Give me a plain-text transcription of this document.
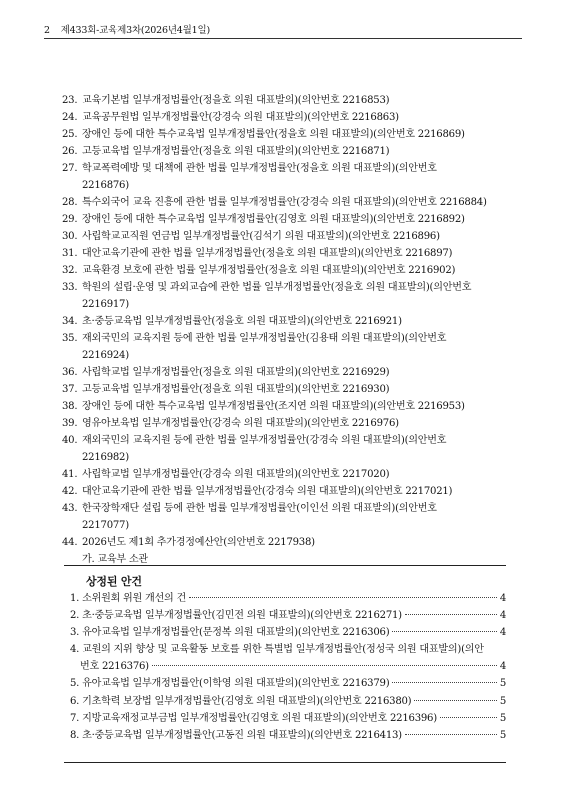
2 제433회-교육제3차(2026년4월1일)
23. 교육기본법 일부개정법률안(정을호 의원 대표발의)(의안번호 2216853)
24. 교육공무원법 일부개정법률안(강경숙 의원 대표발의)(의안번호 2216863)
25. 장애인 등에 대한 특수교육법 일부개정법률안(정을호 의원 대표발의)(의안번호 2216869)
26. 고등교육법 일부개정법률안(정을호 의원 대표발의)(의안번호 2216871)
27. 학교폭력예방 및 대책에 관한 법률 일부개정법률안(정을호 의원 대표발의)(의안번호
2216876)
28. 특수외국어 교육 진흥에 관한 법률 일부개정법률안(강경숙 의원 대표발의)(의안번호 2216884)
29. 장애인 등에 대한 특수교육법 일부개정법률안(김영호 의원 대표발의)(의안번호 2216892)
30. 사립학교교직원 연금법 일부개정법률안(김석기 의원 대표발의)(의안번호 2216896)
31. 대안교육기관에 관한 법률 일부개정법률안(정을호 의원 대표발의)(의안번호 2216897)
32. 교육환경 보호에 관한 법률 일부개정법률안(정을호 의원 대표발의)(의안번호 2216902)
33. 학원의 설립·운영 및 과외교습에 관한 법률 일부개정법률안(정을호 의원 대표발의)(의안번호
2216917)
34. 초·중등교육법 일부개정법률안(정을호 의원 대표발의)(의안번호 2216921)
35. 재외국민의 교육지원 등에 관한 법률 일부개정법률안(김용태 의원 대표발의)(의안번호
2216924)
36. 사립학교법 일부개정법률안(정을호 의원 대표발의)(의안번호 2216929)
37. 고등교육법 일부개정법률안(정을호 의원 대표발의)(의안번호 2216930)
38. 장애인 등에 대한 특수교육법 일부개정법률안(조지연 의원 대표발의)(의안번호 2216953)
39. 영유아보육법 일부개정법률안(강경숙 의원 대표발의)(의안번호 2216976)
40. 재외국민의 교육지원 등에 관한 법률 일부개정법률안(강경숙 의원 대표발의)(의안번호
2216982)
41. 사립학교법 일부개정법률안(강경숙 의원 대표발의)(의안번호 2217020)
42. 대안교육기관에 관한 법률 일부개정법률안(강경숙 의원 대표발의)(의안번호 2217021)
43. 한국장학재단 설립 등에 관한 법률 일부개정법률안(이인선 의원 대표발의)(의안번호
2217077)
44. 2026년도 제1회 추가경정예산안(의안번호 2217938)
가. 교육부 소관
상정된 안건
1. 소위원회 위원 개선의 건	4
2. 초·중등교육법 일부개정법률안(김민전 의원 대표발의)(의안번호 2216271)	4
3. 유아교육법 일부개정법률안(문정복 의원 대표발의)(의안번호 2216306)	4
4. 교원의 지위 향상 및 교육활동 보호를 위한 특별법 일부개정법률안(정성국 의원 대표발의)(의안
번호 2216376)	4
5. 유아교육법 일부개정법률안(이학영 의원 대표발의)(의안번호 2216379)	5
6. 기초학력 보장법 일부개정법률안(김영호 의원 대표발의)(의안번호 2216380)	5
7. 지방교육재정교부금법 일부개정법률안(김영호 의원 대표발의)(의안번호 2216396)	5
8. 초·중등교육법 일부개정법률안(고동진 의원 대표발의)(의안번호 2216413)	5
